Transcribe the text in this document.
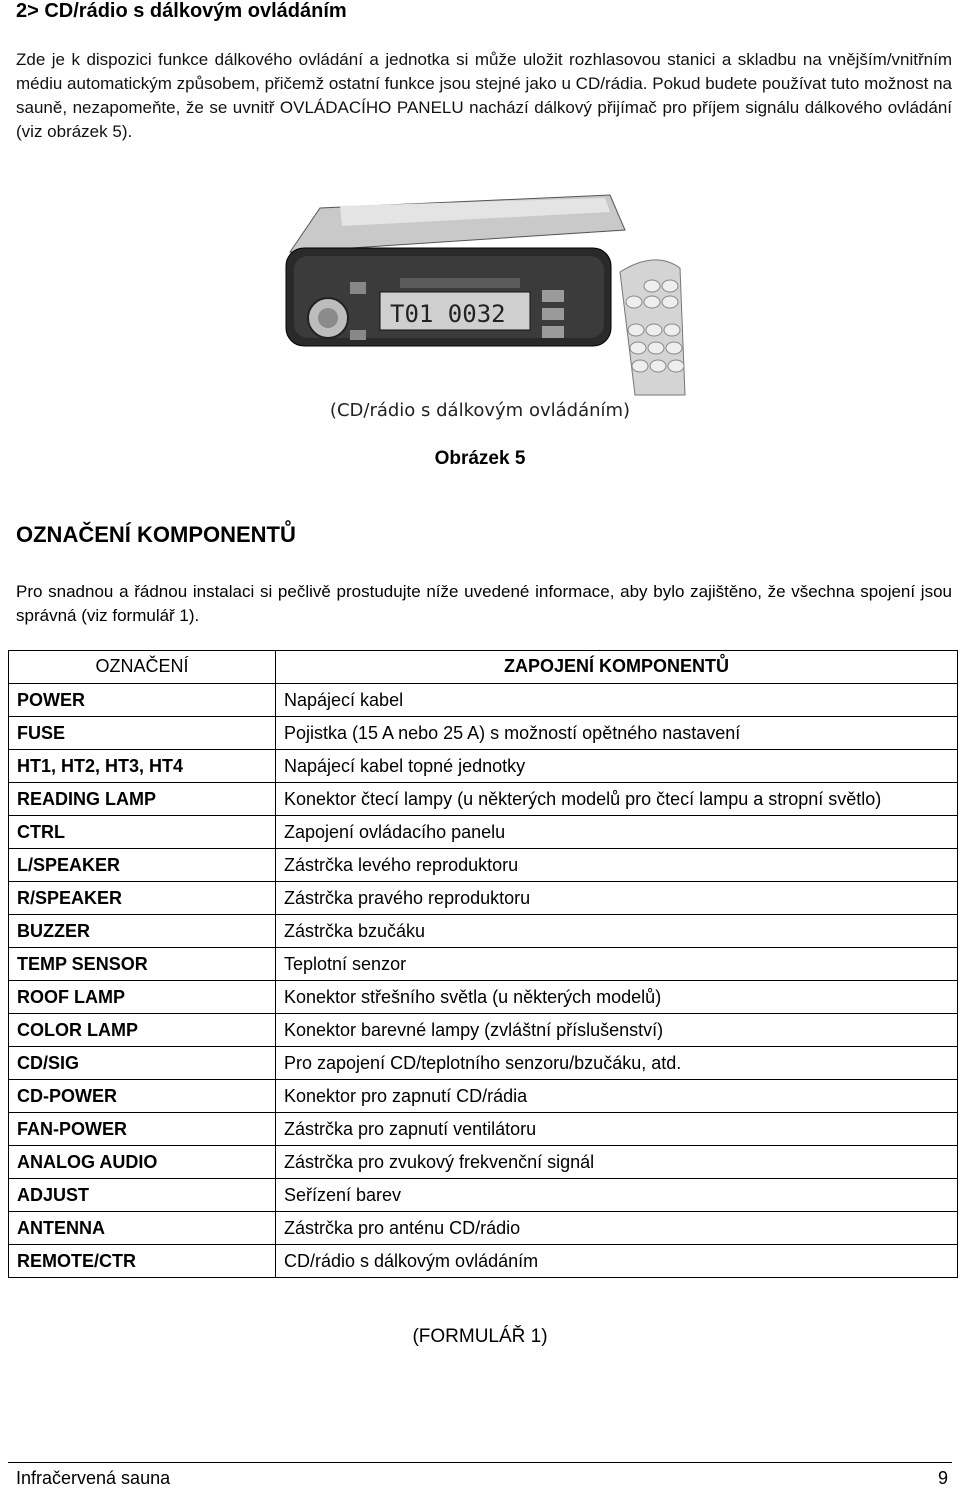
2> CD/rádio s dálkovým ovládáním
Zde je k dispozici funkce dálkového ovládání a jednotka si může uložit rozhlasovou stanici a skladbu na vnějším/vnitřním médiu automatickým způsobem, přičemž ostatní funkce jsou stejné jako u CD/rádia. Pokud budete používat tuto možnost na sauně, nezapomeňte, že se uvnitř OVLÁDACÍHO PANELU nachází dálkový přijímač pro příjem signálu dálkového ovládání (viz obrázek 5).
T01 0032
(CD/rádio s dálkovým ovládáním)
Obrázek 5
OZNAČENÍ KOMPONENTŮ
Pro snadnou a řádnou instalaci si pečlivě prostudujte níže uvedené informace, aby bylo zajištěno, že všechna spojení jsou správná (viz formulář 1).
OZNAČENÍ	ZAPOJENÍ KOMPONENTŮ
POWER	Napájecí kabel
FUSE	Pojistka (15 A nebo 25 A) s možností opětného nastavení
HT1, HT2, HT3, HT4	Napájecí kabel topné jednotky
READING LAMP	Konektor čtecí lampy (u některých modelů pro čtecí lampu a stropní světlo)
CTRL	Zapojení ovládacího panelu
L/SPEAKER	Zástrčka levého reproduktoru
R/SPEAKER	Zástrčka pravého reproduktoru
BUZZER	Zástrčka bzučáku
TEMP SENSOR	Teplotní senzor
ROOF LAMP	Konektor střešního světla (u některých modelů)
COLOR LAMP	Konektor barevné lampy (zvláštní příslušenství)
CD/SIG	Pro zapojení CD/teplotního senzoru/bzučáku, atd.
CD-POWER	Konektor pro zapnutí CD/rádia
FAN-POWER	Zástrčka pro zapnutí ventilátoru
ANALOG AUDIO	Zástrčka pro zvukový frekvenční signál
ADJUST	Seřízení barev
ANTENNA	Zástrčka pro anténu CD/rádio
REMOTE/CTR	CD/rádio s dálkovým ovládáním
(FORMULÁŘ 1)
Infračervená sauna	9
